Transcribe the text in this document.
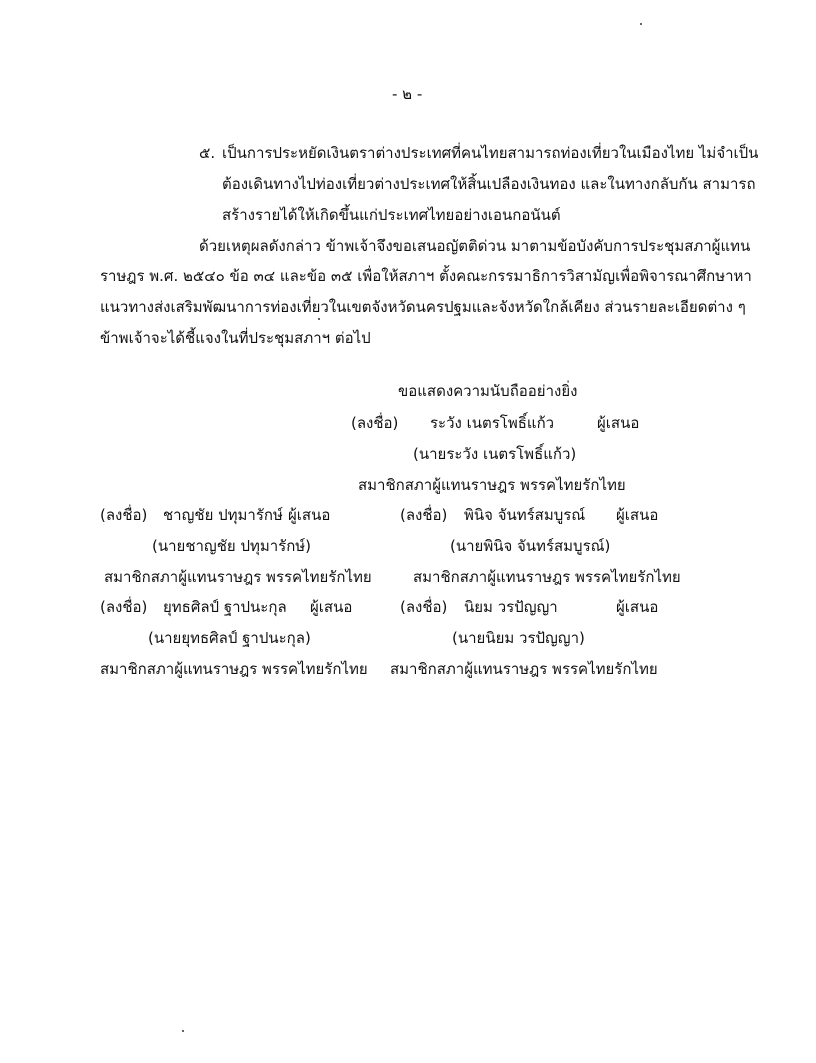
- ๒ -
๕. เป็นการประหยัดเงินตราต่างประเทศที่คนไทยสามารถท่องเที่ยวในเมืองไทย ไม่จำเป็น
ต้องเดินทางไปท่องเที่ยวต่างประเทศให้สิ้นเปลืองเงินทอง และในทางกลับกัน สามารถ
สร้างรายได้ให้เกิดขึ้นแก่ประเทศไทยอย่างเอนกอนันต์
ด้วยเหตุผลดังกล่าว ข้าพเจ้าจึงขอเสนอญัตติด่วน มาตามข้อบังคับการประชุมสภาผู้แทน
ราษฎร พ.ศ. ๒๕๔๐ ข้อ ๓๔ และข้อ ๓๕ เพื่อให้สภาฯ ตั้งคณะกรรมาธิการวิสามัญเพื่อพิจารณาศึกษาหา
แนวทางส่งเสริมพัฒนาการท่องเที่ยวในเขตจังหวัดนครปฐมและจังหวัดใกล้เคียง ส่วนรายละเอียดต่าง ๆ
ข้าพเจ้าจะได้ชี้แจงในที่ประชุมสภาฯ ต่อไป
ขอแสดงความนับถืออย่างยิ่ง
(ลงชื่อ) ระวัง เนตรโพธิ์แก้ว	ผู้เสนอ
(นายระวัง เนตรโพธิ์แก้ว)
สมาชิกสภาผู้แทนราษฎร พรรคไทยรักไทย
(ลงชื่อ) ชาญชัย ปทุมารักษ์ ผู้เสนอ
(นายชาญชัย ปทุมารักษ์)
สมาชิกสภาผู้แทนราษฎร พรรคไทยรักไทย
(ลงชื่อ) พินิจ จันทร์สมบูรณ์ ผู้เสนอ
(นายพินิจ จันทร์สมบูรณ์)
สมาชิกสภาผู้แทนราษฎร พรรคไทยรักไทย
(ลงชื่อ) ยุทธศิลป์ ฐาปนะกุล ผู้เสนอ
(นายยุทธศิลป์ ฐาปนะกุล)
สมาชิกสภาผู้แทนราษฎร พรรคไทยรักไทย
(ลงชื่อ) นิยม วรปัญญา	ผู้เสนอ
(นายนิยม วรปัญญา)
สมาชิกสภาผู้แทนราษฎร พรรคไทยรักไทย
